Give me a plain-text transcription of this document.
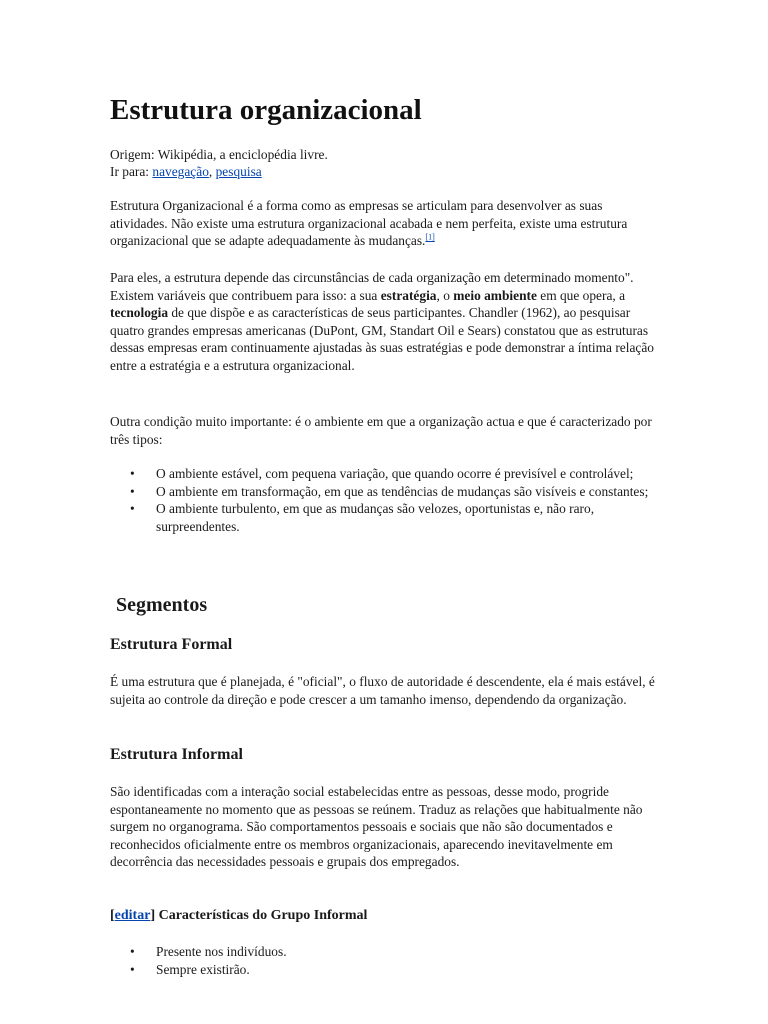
Estrutura organizacional
Origem: Wikipédia, a enciclopédia livre.
Ir para: navegação, pesquisa

Estrutura Organizacional é a forma como as empresas se articulam para desenvolver as suas atividades. Não existe uma estrutura organizacional acabada e nem perfeita, existe uma estrutura organizacional que se adapte adequadamente às mudanças.[1]

Para eles, a estrutura depende das circunstâncias de cada organização em determinado momento". Existem variáveis que contribuem para isso: a sua estratégia, o meio ambiente em que opera, a tecnologia de que dispõe e as características de seus participantes. Chandler (1962), ao pesquisar quatro grandes empresas americanas (DuPont, GM, Standart Oil e Sears) constatou que as estruturas dessas empresas eram continuamente ajustadas às suas estratégias e pode demonstrar a íntima relação entre a estratégia e a estrutura organizacional.

Outra condição muito importante: é o ambiente em que a organização actua e que é caracterizado por três tipos:

• O ambiente estável, com pequena variação, que quando ocorre é previsível e controlável;
• O ambiente em transformação, em que as tendências de mudanças são visíveis e constantes;
• O ambiente turbulento, em que as mudanças são velozes, oportunistas e, não raro, surpreendentes.
Segmentos
Estrutura Formal

É uma estrutura que é planejada, é "oficial", o fluxo de autoridade é descendente, ela é mais estável, é sujeita ao controle da direção e pode crescer a um tamanho imenso, dependendo da organização.

Estrutura Informal

São identificadas com a interação social estabelecidas entre as pessoas, desse modo, progride espontaneamente no momento que as pessoas se reúnem. Traduz as relações que habitualmente não surgem no organograma. São comportamentos pessoais e sociais que não são documentados e reconhecidos oficialmente entre os membros organizacionais, aparecendo inevitavelmente em decorrência das necessidades pessoais e grupais dos empregados.

[editar] Características do Grupo Informal
• Presente nos indivíduos.
• Sempre existirão.
